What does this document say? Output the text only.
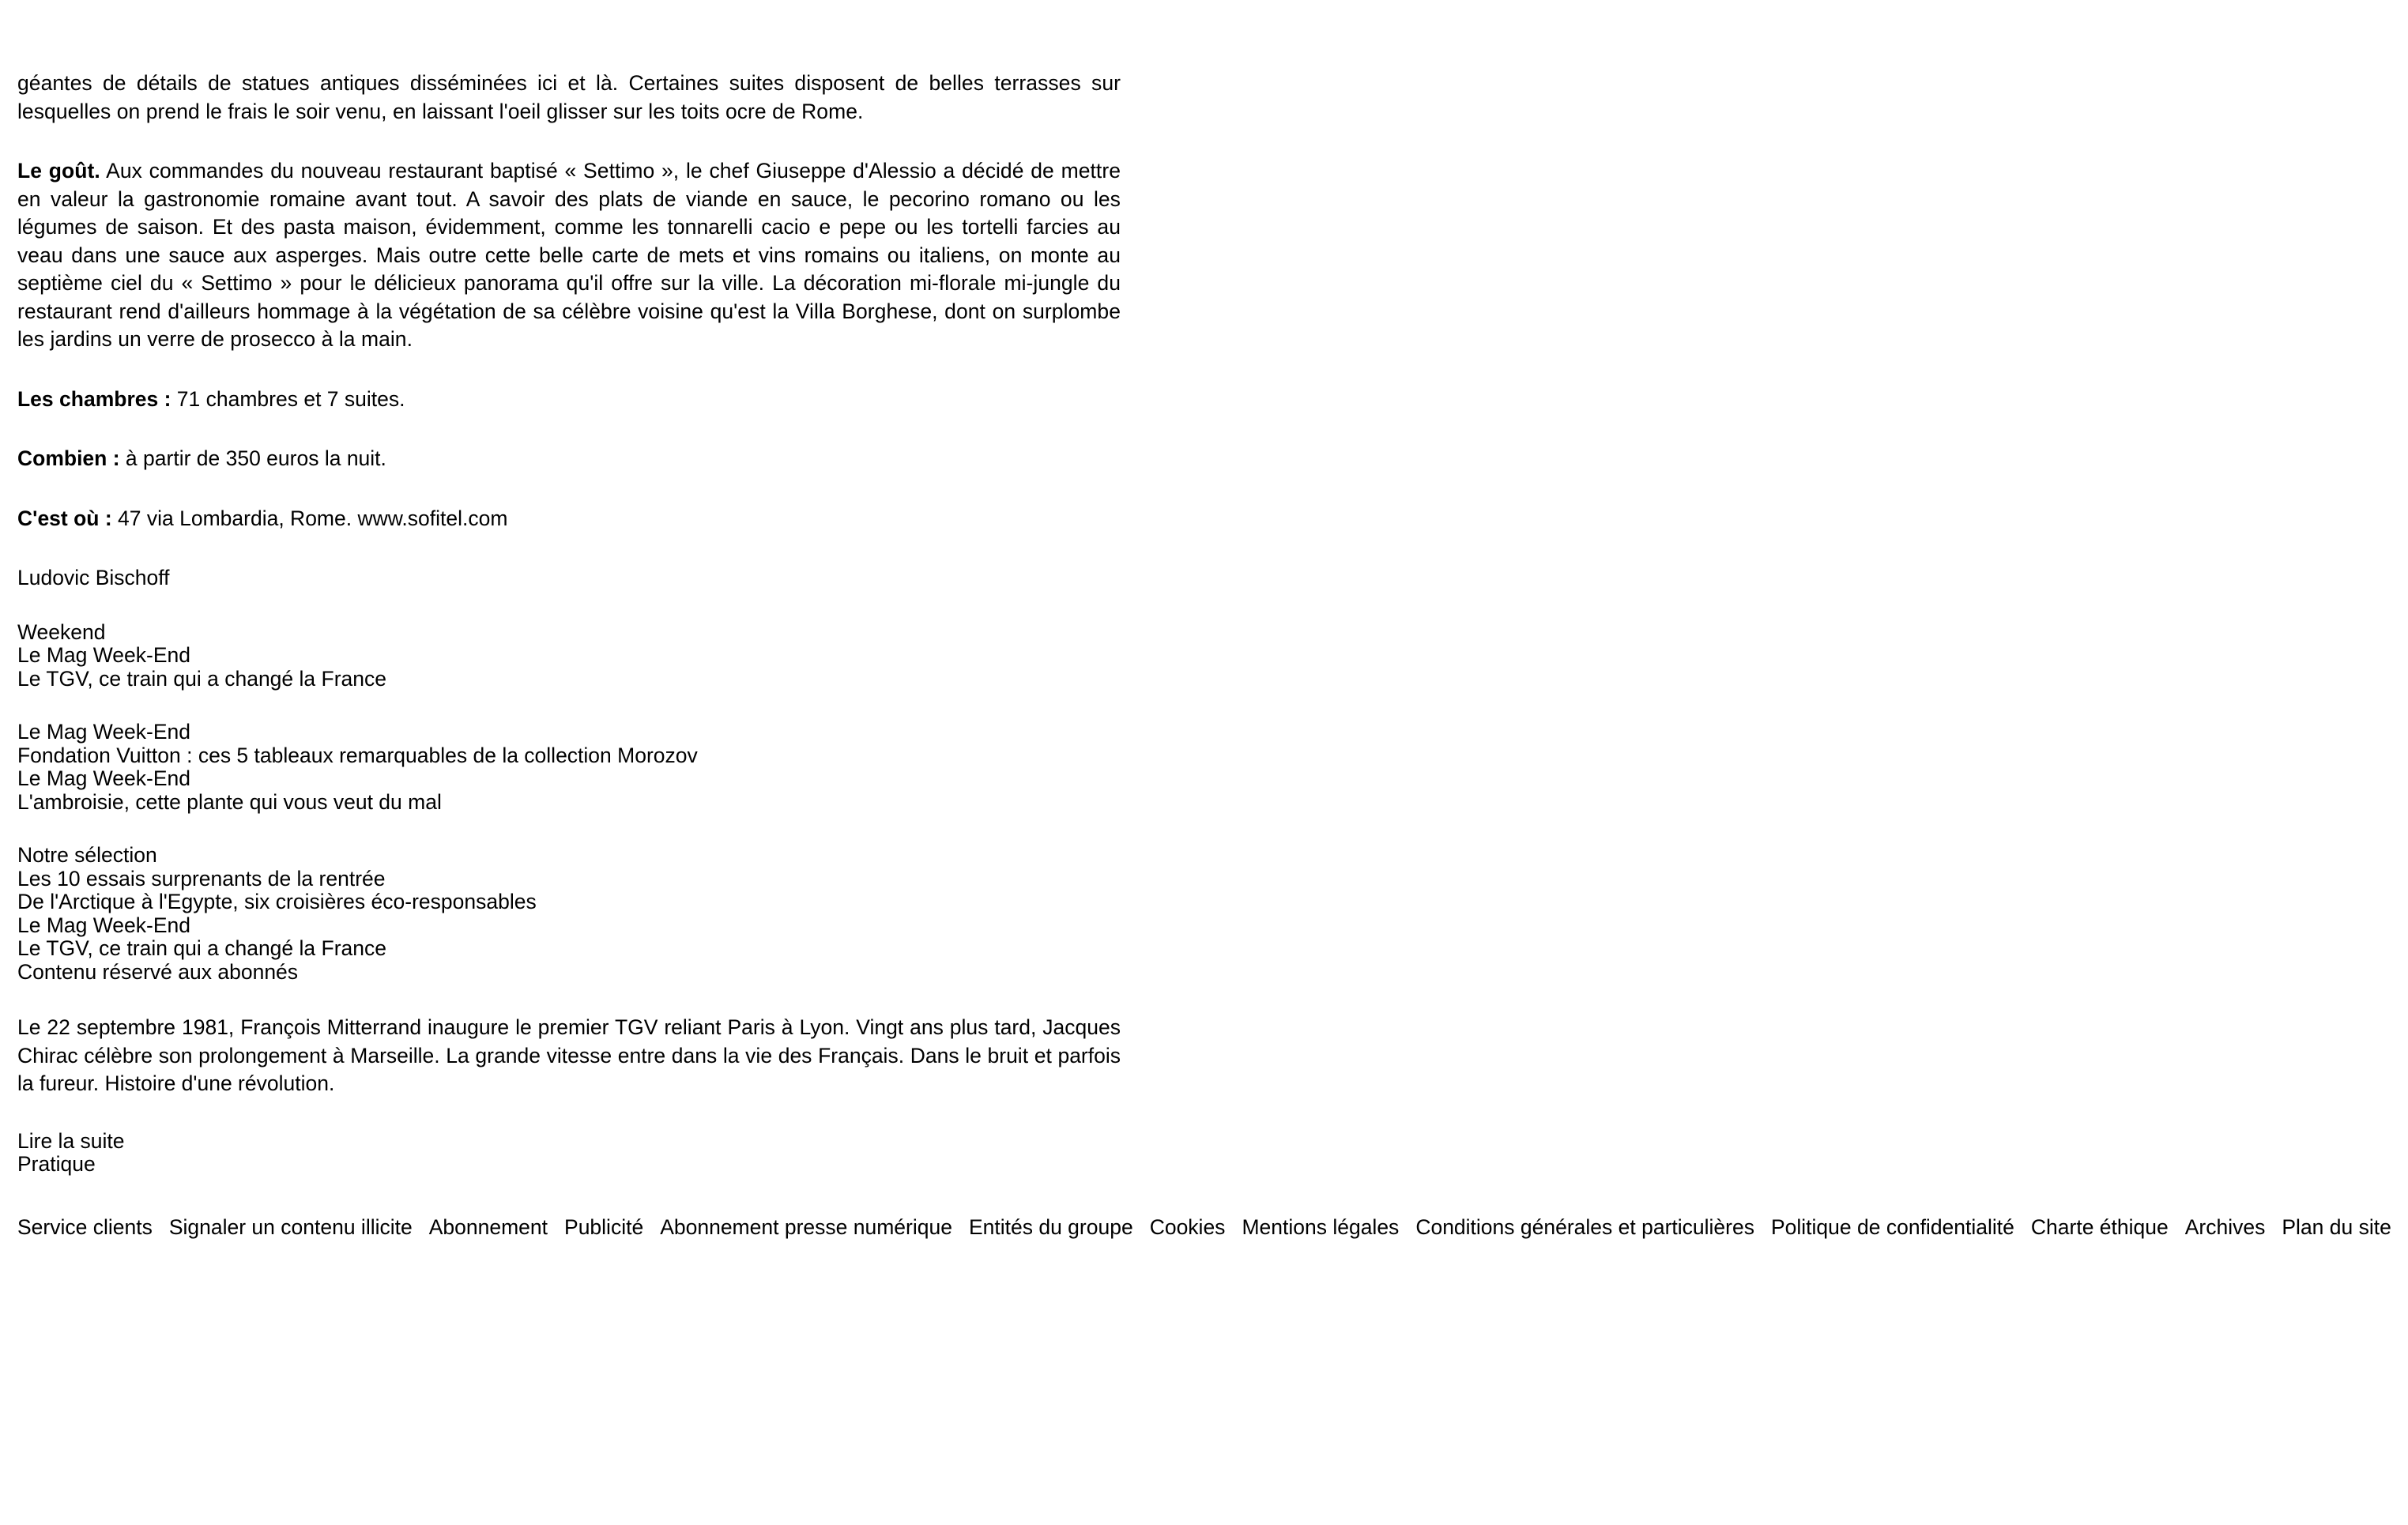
géantes de détails de statues antiques disséminées ici et là. Certaines suites disposent de belles terrasses sur lesquelles on prend le frais le soir venu, en laissant l'oeil glisser sur les toits ocre de Rome.

Le goût. Aux commandes du nouveau restaurant baptisé « Settimo », le chef Giuseppe d'Alessio a décidé de mettre en valeur la gastronomie romaine avant tout. A savoir des plats de viande en sauce, le pecorino romano ou les légumes de saison. Et des pasta maison, évidemment, comme les tonnarelli cacio e pepe ou les tortelli farcies au veau dans une sauce aux asperges. Mais outre cette belle carte de mets et vins romains ou italiens, on monte au septième ciel du « Settimo » pour le délicieux panorama qu'il offre sur la ville. La décoration mi-florale mi-jungle du restaurant rend d'ailleurs hommage à la végétation de sa célèbre voisine qu'est la Villa Borghese, dont on surplombe les jardins un verre de prosecco à la main.

Les chambres : 71 chambres et 7 suites.

Combien : à partir de 350 euros la nuit.

C'est où : 47 via Lombardia, Rome. www.sofitel.com

Ludovic Bischoff

Weekend
Le Mag Week-End
Le TGV, ce train qui a changé la France
Le Mag Week-End
Fondation Vuitton : ces 5 tableaux remarquables de la collection Morozov
Le Mag Week-End
L'ambroisie, cette plante qui vous veut du mal
Notre sélection
Les 10 essais surprenants de la rentrée
De l'Arctique à l'Egypte, six croisières éco-responsables
Le Mag Week-End
Le TGV, ce train qui a changé la France
Contenu réservé aux abonnés

Le 22 septembre 1981, François Mitterrand inaugure le premier TGV reliant Paris à Lyon. Vingt ans plus tard, Jacques Chirac célèbre son prolongement à Marseille. La grande vitesse entre dans la vie des Français. Dans le bruit et parfois la fureur. Histoire d'une révolution.

Lire la suite
Pratique
Service clients Signaler un contenu illicite Abonnement Publicité Abonnement presse numérique Entités du groupe Cookies Mentions légales Conditions générales et particulières Politique de confidentialité Charte éthique Archives Plan du site
